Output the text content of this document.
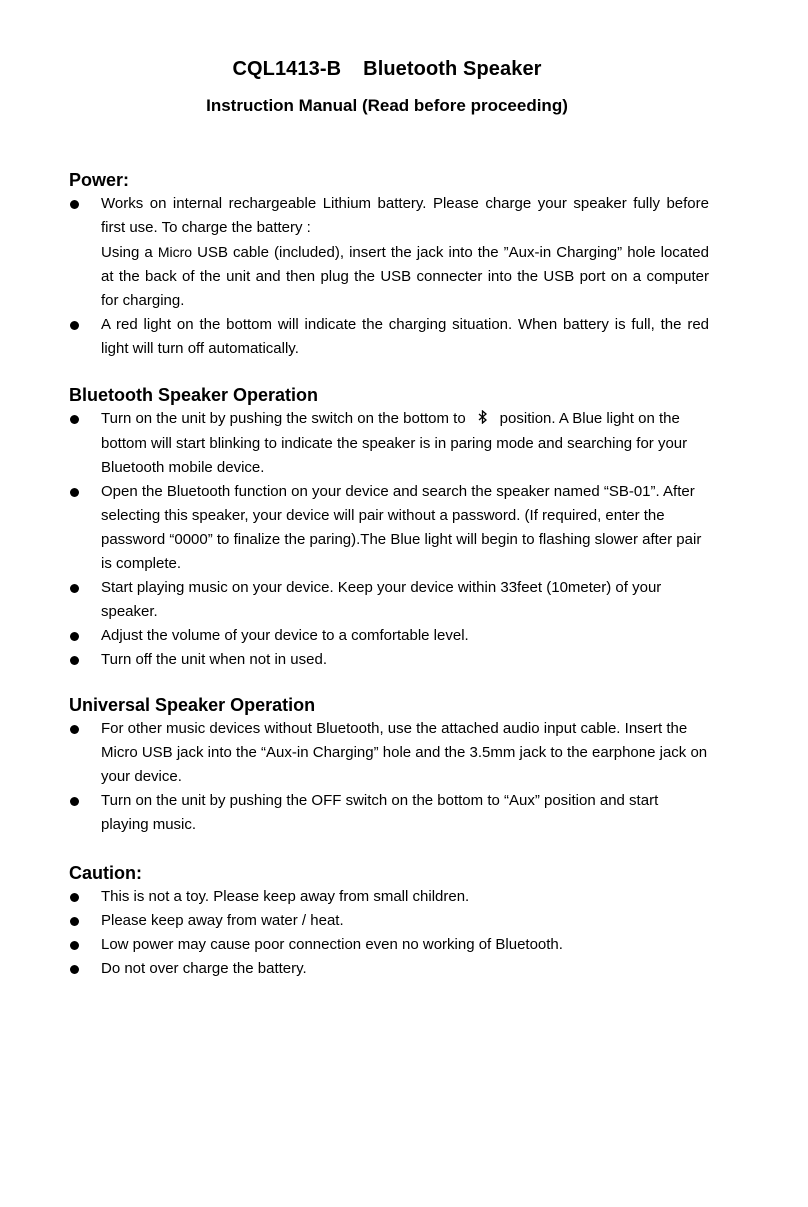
CQL1413-B Bluetooth Speaker
Instruction Manual (Read before proceeding)
Power:
Works on internal rechargeable Lithium battery. Please charge your speaker fully before first use. To charge the battery :
Using a Micro USB cable (included), insert the jack into the ”Aux-in Charging” hole located at the back of the unit and then plug the USB connecter into the USB port on a computer for charging.
A red light on the bottom will indicate the charging situation. When battery is full, the red light will turn off automatically.
Bluetooth Speaker Operation
Turn on the unit by pushing the switch on the bottom to position. A Blue light on the bottom will start blinking to indicate the speaker is in paring mode and searching for your Bluetooth mobile device.
Open the Bluetooth function on your device and search the speaker named “SB-01”. After selecting this speaker, your device will pair without a password. (If required, enter the password “0000” to finalize the paring).The Blue light will begin to flashing slower after pair is complete.
Start playing music on your device. Keep your device within 33feet (10meter) of your speaker.
Adjust the volume of your device to a comfortable level.
Turn off the unit when not in used.
Universal Speaker Operation
For other music devices without Bluetooth, use the attached audio input cable. Insert the Micro USB jack into the “Aux-in Charging” hole and the 3.5mm jack to the earphone jack on your device.
Turn on the unit by pushing the OFF switch on the bottom to “Aux” position and start playing music.
Caution:
This is not a toy. Please keep away from small children.
Please keep away from water / heat.
Low power may cause poor connection even no working of Bluetooth.
Do not over charge the battery.
